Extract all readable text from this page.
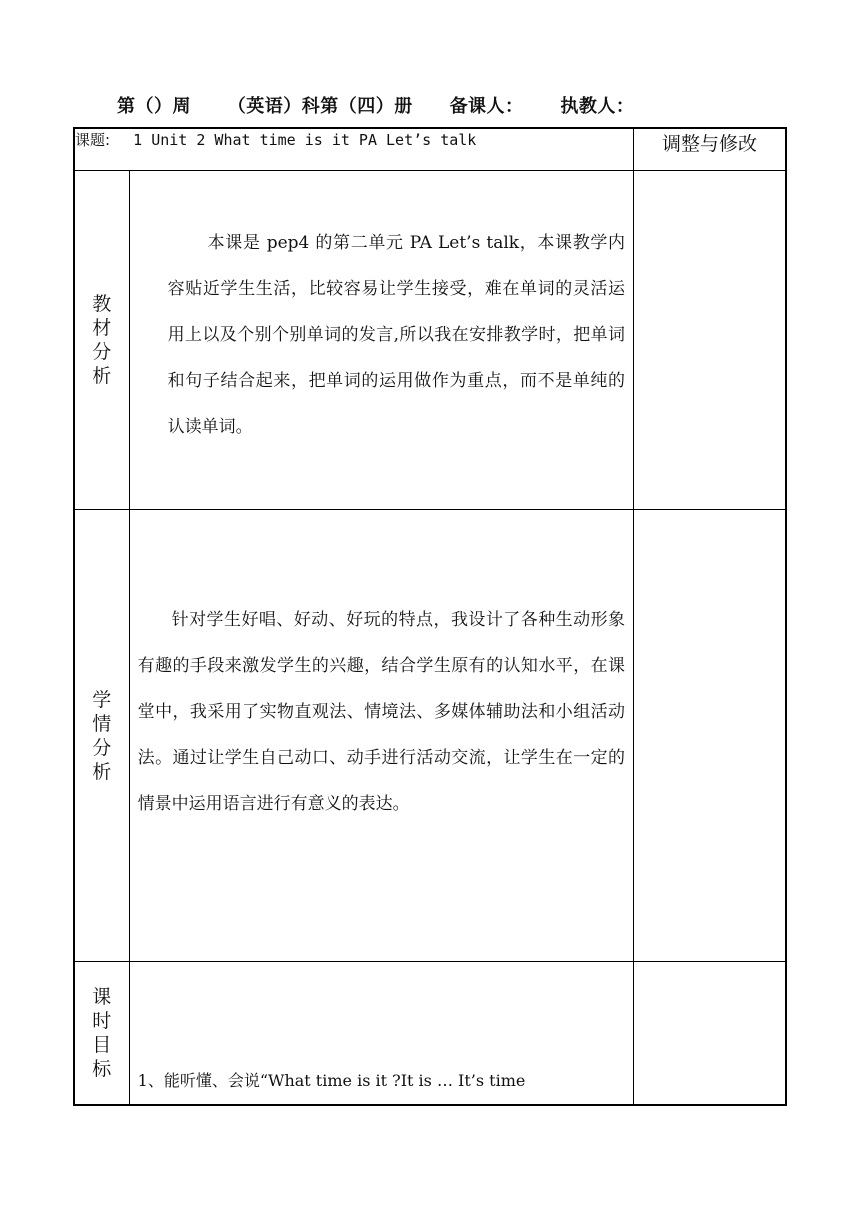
第（）周 （英语）科第（四）册 备课人： 执教人：
课题: 1 Unit 2 What time is it PA Let’s talk		调整与修改

教材分析	本课是 pep4 的第二单元 PA Let’s talk，本课教学内容贴近学生生活，比较容易让学生接受，难在单词的灵活运用上以及个别个别单词的发言,所以我在安排教学时，把单词和句子结合起来，把单词的运用做作为重点，而不是单纯的认读单词。	

学情分析	针对学生好唱、好动、好玩的特点，我设计了各种生动形象有趣的手段来激发学生的兴趣，结合学生原有的认知水平，在课堂中，我采用了实物直观法、情境法、多媒体辅助法和小组活动法。通过让学生自己动口、动手进行活动交流，让学生在一定的情景中运用语言进行有意义的表达。	

课时目标	1、能听懂、会说“What time is it ?It is … It’s time	
